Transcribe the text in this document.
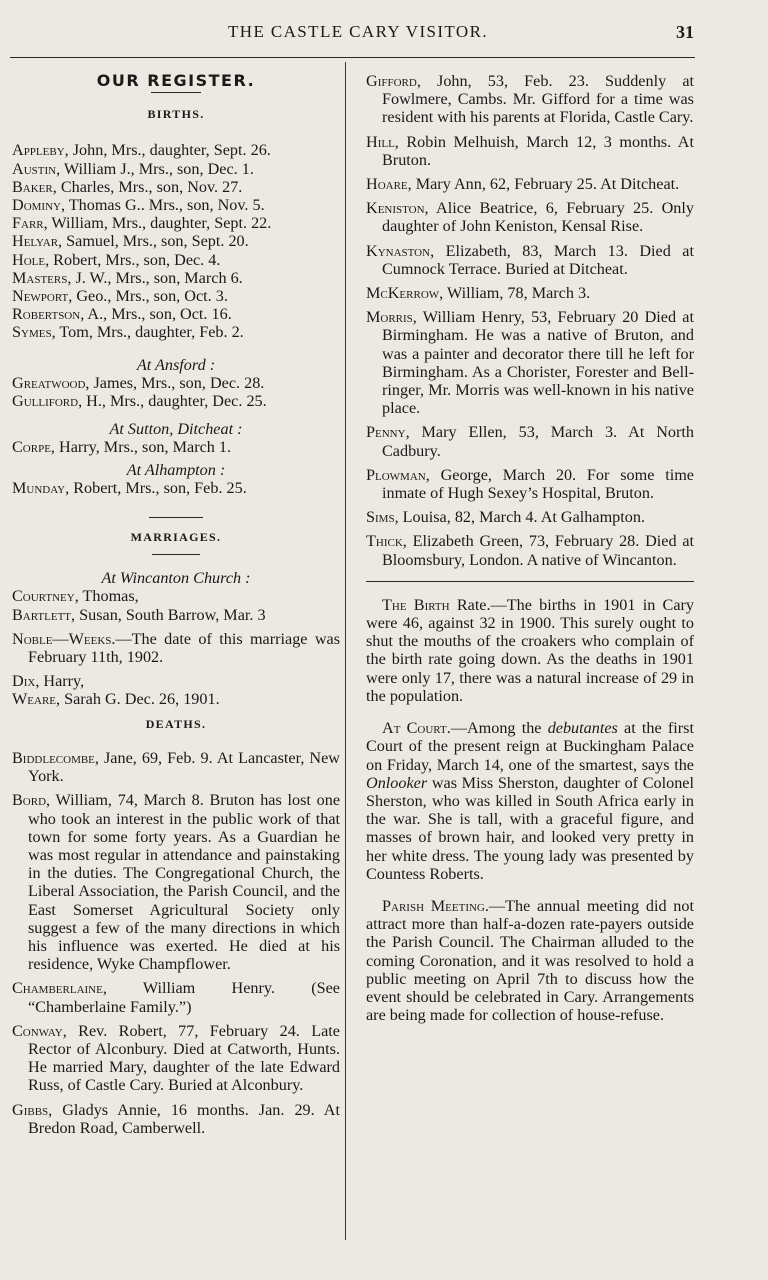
THE CASTLE CARY VISITOR.	31
OUR REGISTER.
BIRTHS.
Appleby, John, Mrs., daughter, Sept. 26.
Austin, William J., Mrs., son, Dec. 1.
Baker, Charles, Mrs., son, Nov. 27.
Dominy, Thomas G.. Mrs., son, Nov. 5.
Farr, William, Mrs., daughter, Sept. 22.
Helyar, Samuel, Mrs., son, Sept. 20.
Hole, Robert, Mrs., son, Dec. 4.
Masters, J. W., Mrs., son, March 6.
Newport, Geo., Mrs., son, Oct. 3.
Robertson, A., Mrs., son, Oct. 16.
Symes, Tom, Mrs., daughter, Feb. 2.
At Ansford :
Greatwood, James, Mrs., son, Dec. 28.
Gulliford, H., Mrs., daughter, Dec. 25.
At Sutton, Ditcheat :
Corpe, Harry, Mrs., son, March 1.
At Alhampton :
Munday, Robert, Mrs., son, Feb. 25.
MARRIAGES.
At Wincanton Church :
Courtney, Thomas,
Bartlett, Susan, South Barrow, Mar. 3
Noble—Weeks.—The date of this marriage was February 11th, 1902.
Dix, Harry,
Weare, Sarah G. Dec. 26, 1901.
DEATHS.
Biddlecombe, Jane, 69, Feb. 9. At Lancaster, New York.
Bord, William, 74, March 8. Bruton has lost one who took an interest in the public work of that town for some forty years. As a Guardian he was most regular in attendance and painstaking in the duties. The Congregational Church, the Liberal Association, the Parish Council, and the East Somerset Agricultural Society only suggest a few of the many directions in which his influence was exerted. He died at his residence, Wyke Champflower.
Chamberlaine, William Henry. (See “Chamberlaine Family.”)
Conway, Rev. Robert, 77, February 24. Late Rector of Alconbury. Died at Catworth, Hunts. He married Mary, daughter of the late Edward Russ, of Castle Cary. Buried at Alconbury.
Gibbs, Gladys Annie, 16 months. Jan. 29. At Bredon Road, Camberwell.
Gifford, John, 53, Feb. 23. Suddenly at Fowlmere, Cambs. Mr. Gifford for a time was resident with his parents at Florida, Castle Cary.
Hill, Robin Melhuish, March 12, 3 months. At Bruton.
Hoare, Mary Ann, 62, February 25. At Ditcheat.
Keniston, Alice Beatrice, 6, February 25. Only daughter of John Keniston, Kensal Rise.
Kynaston, Elizabeth, 83, March 13. Died at Cumnock Terrace. Buried at Ditcheat.
McKerrow, William, 78, March 3.
Morris, William Henry, 53, February 20 Died at Birmingham. He was a native of Bruton, and was a painter and decorator there till he left for Birmingham. As a Chorister, Forester and Bell-ringer, Mr. Morris was well-known in his native place.
Penny, Mary Ellen, 53, March 3. At North Cadbury.
Plowman, George, March 20. For some time inmate of Hugh Sexey’s Hospital, Bruton.
Sims, Louisa, 82, March 4. At Galhampton.
Thick, Elizabeth Green, 73, February 28. Died at Bloomsbury, London. A native of Wincanton.
The Birth Rate.—The births in 1901 in Cary were 46, against 32 in 1900. This surely ought to shut the mouths of the croakers who complain of the birth rate going down. As the deaths in 1901 were only 17, there was a natural increase of 29 in the population.
At Court.—Among the debutantes at the first Court of the present reign at Buckingham Palace on Friday, March 14, one of the smartest, says the Onlooker was Miss Sherston, daughter of Colonel Sherston, who was killed in South Africa early in the war. She is tall, with a graceful figure, and masses of brown hair, and looked very pretty in her white dress. The young lady was presented by Countess Roberts.
Parish Meeting.—The annual meeting did not attract more than half-a-dozen rate-payers outside the Parish Council. The Chairman alluded to the coming Coronation, and it was resolved to hold a public meeting on April 7th to discuss how the event should be celebrated in Cary. Arrangements are being made for collection of house-refuse.
